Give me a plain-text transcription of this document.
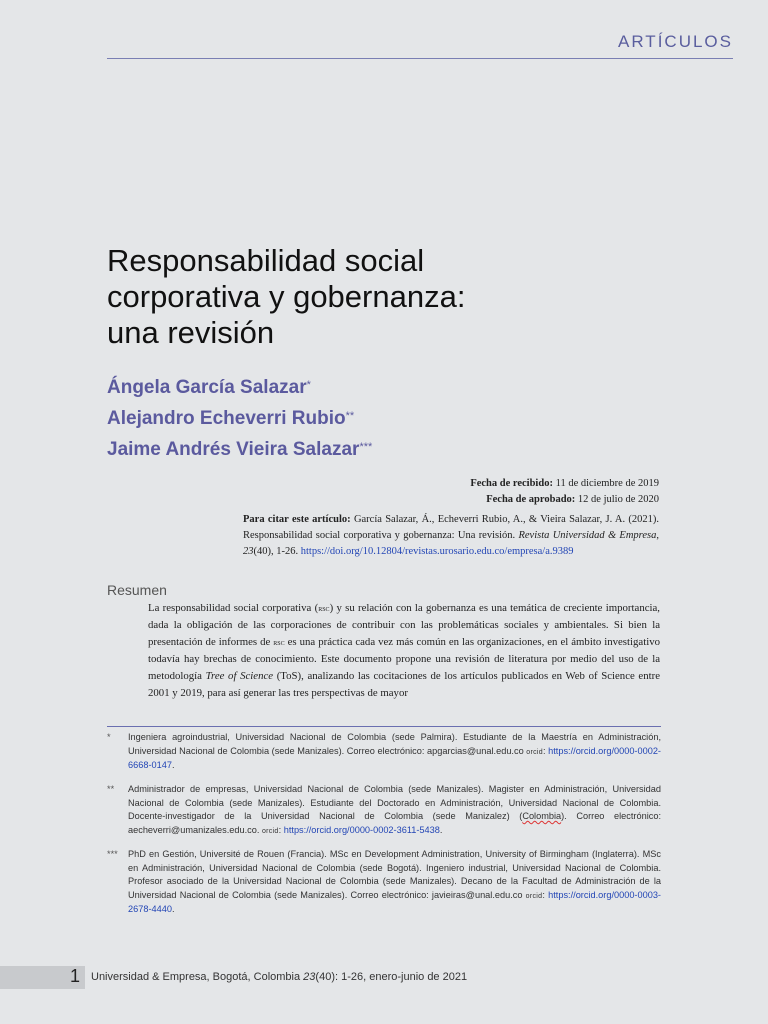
ARTÍCULOS
Responsabilidad social
corporativa y gobernanza:
una revisión
Ángela García Salazar*
Alejandro Echeverri Rubio**
Jaime Andrés Vieira Salazar***
Fecha de recibido: 11 de diciembre de 2019
Fecha de aprobado: 12 de julio de 2020
Para citar este artículo: García Salazar, Á., Echeverri Rubio, A., & Vieira Salazar, J. A. (2021). Responsabilidad social corporativa y gobernanza: Una revisión. Revista Universidad & Empresa, 23(40), 1-26. https://doi.org/10.12804/revistas.urosario.edu.co/empresa/a.9389
Resumen
La responsabilidad social corporativa (rsc) y su relación con la gobernanza es una temática de creciente importancia, dada la obligación de las corporaciones de contribuir con las problemáticas sociales y ambientales. Si bien la presentación de informes de rsc es una práctica cada vez más común en las organizaciones, en el ámbito investigativo todavía hay brechas de conocimiento. Este documento propone una revisión de literatura por medio del uso de la metodología Tree of Science (ToS), analizando las cocitaciones de los artículos publicados en Web of Science entre 2001 y 2019, para así generar las tres perspectivas de mayor
* Ingeniera agroindustrial, Universidad Nacional de Colombia (sede Palmira). Estudiante de la Maestría en Administración, Universidad Nacional de Colombia (sede Manizales). Correo electrónico: apgarcias@unal.edu.co orcid: https://orcid.org/0000-0002-6668-0147.
** Administrador de empresas, Universidad Nacional de Colombia (sede Manizales). Magister en Administración, Universidad Nacional de Colombia (sede Manizales). Estudiante del Doctorado en Administración, Universidad Nacional de Colombia. Docente-investigador de la Universidad Nacional de Colombia (sede Manizalez) (Colombia). Correo electrónico: aecheverri@umanizales.edu.co. orcid: https://orcid.org/0000-0002-3611-5438.
*** PhD en Gestión, Université de Rouen (Francia). MSc en Development Administration, University of Birmingham (Inglaterra). MSc en Administración, Universidad Nacional de Colombia (sede Bogotá). Ingeniero industrial, Universidad Nacional de Colombia. Profesor asociado de la Universidad Nacional de Colombia (sede Manizales). Decano de la Facultad de Administración de la Universidad Nacional de Colombia (sede Manizales). Correo electrónico: javieiras@unal.edu.co orcid: https://orcid.org/0000-0003-2678-4440.
1 Universidad & Empresa, Bogotá, Colombia 23(40): 1-26, enero-junio de 2021
